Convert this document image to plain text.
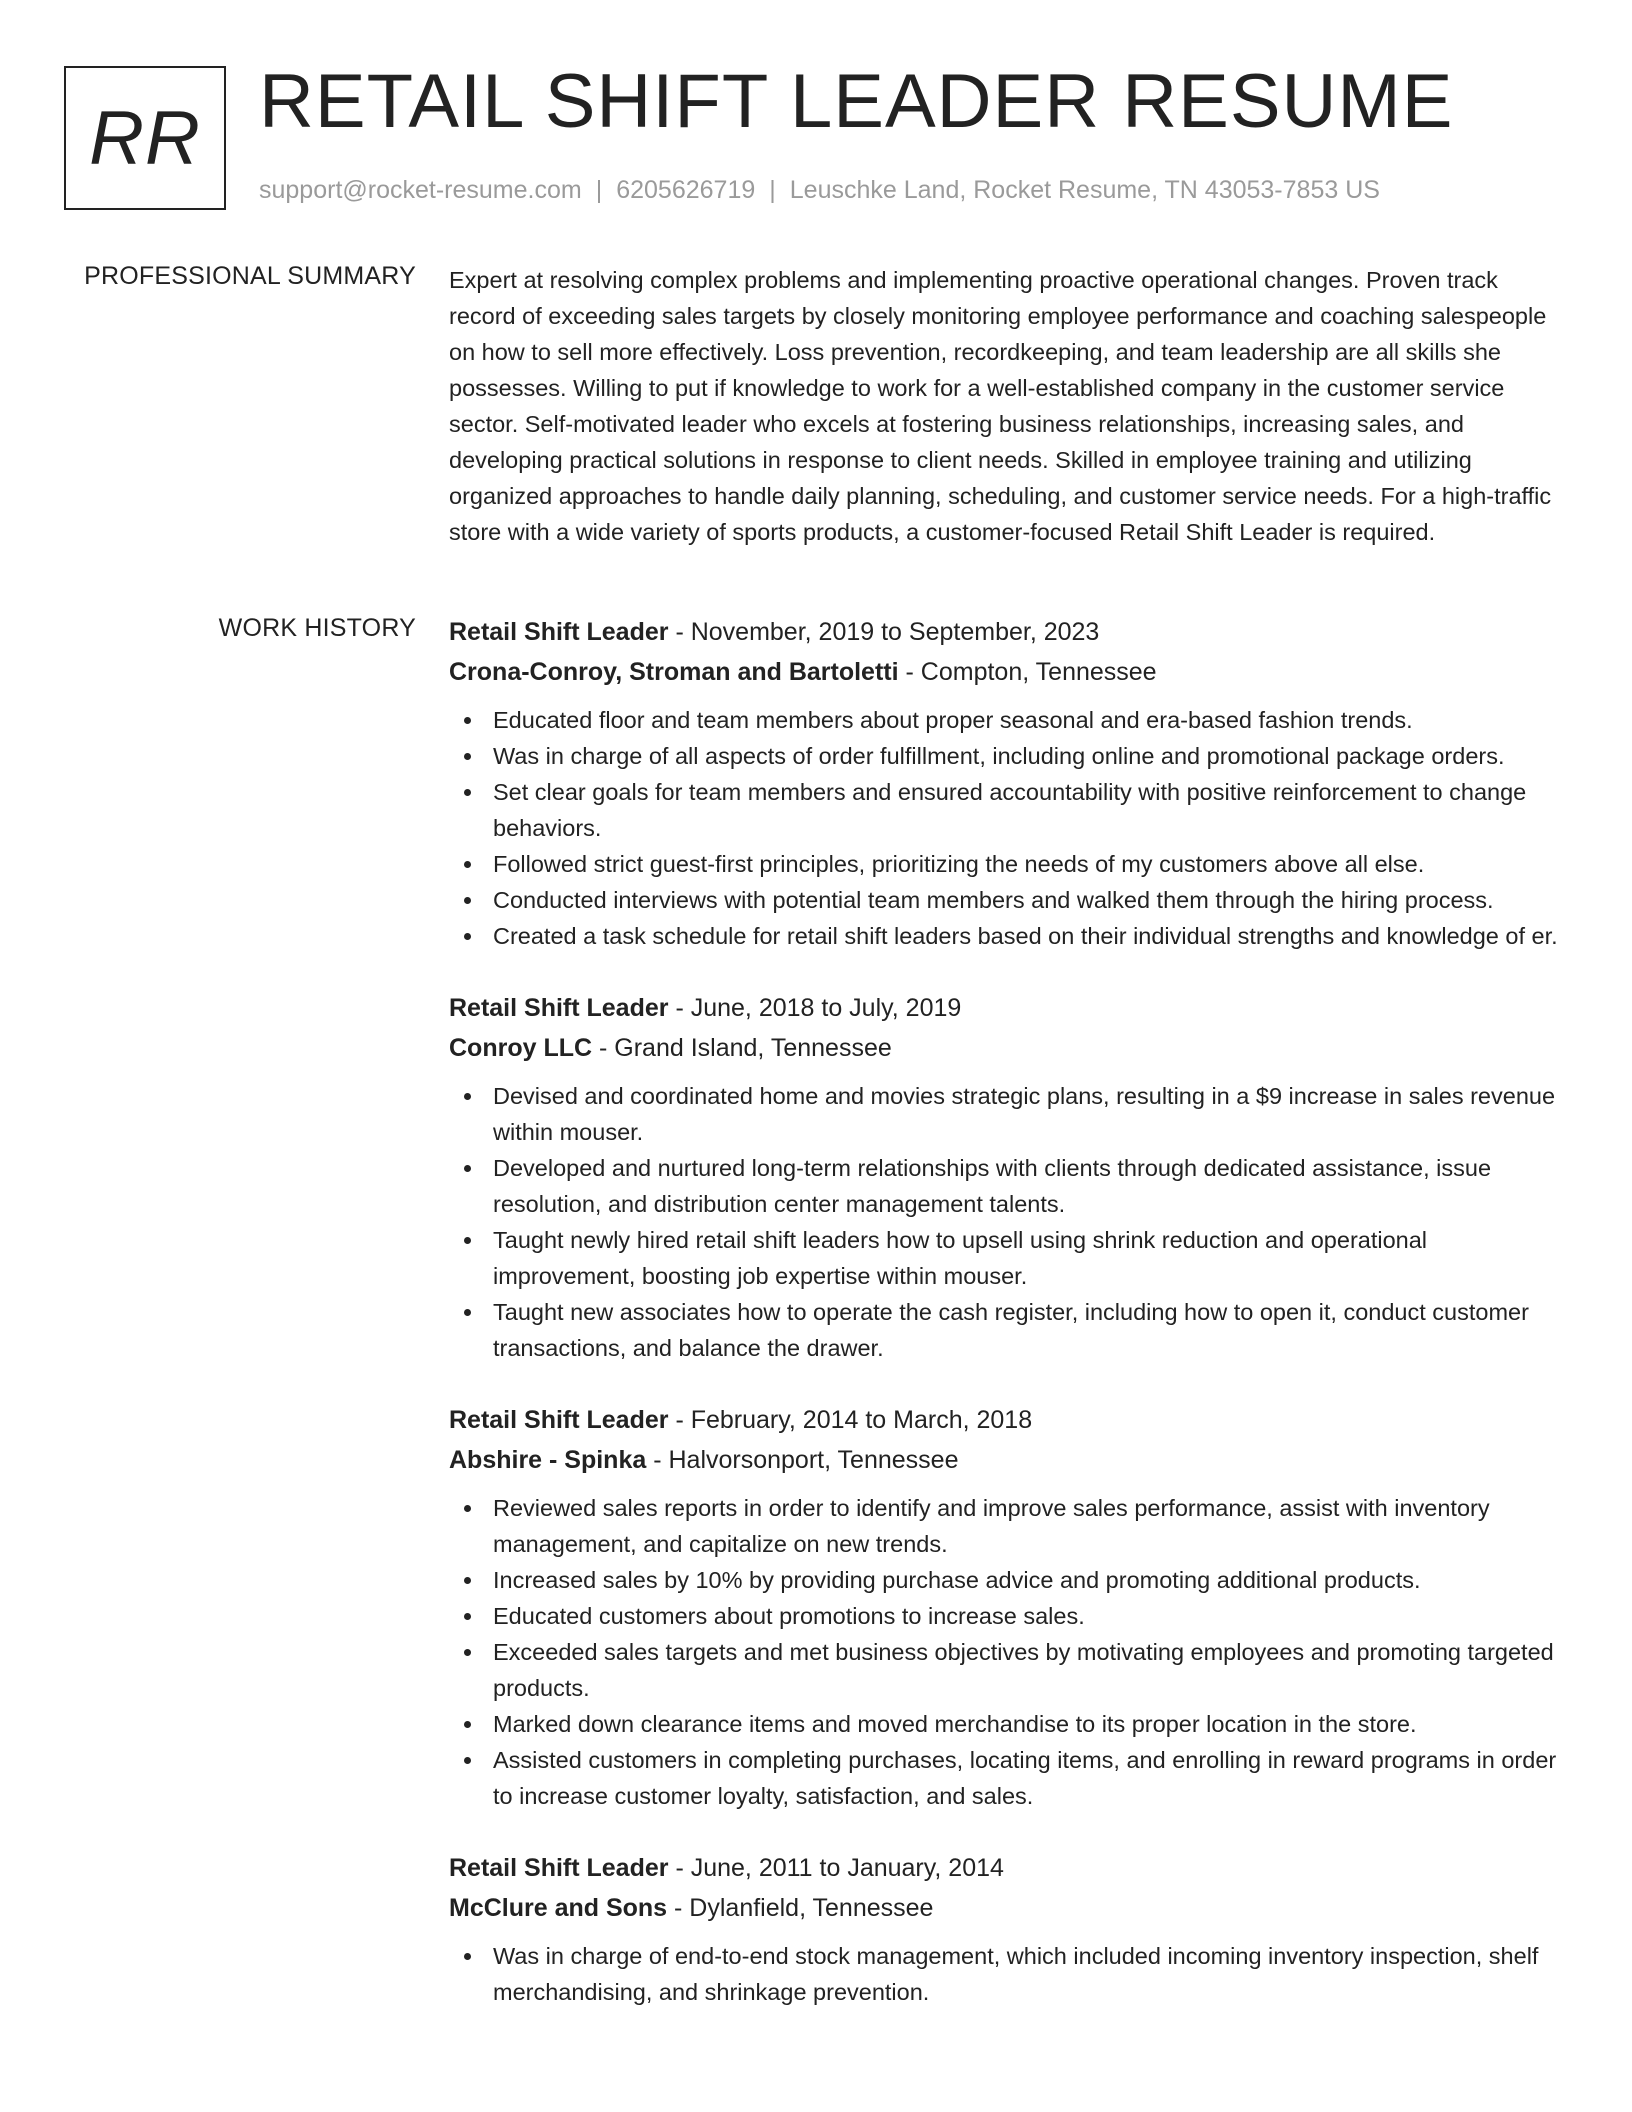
RR RETAIL SHIFT LEADER RESUME
support@rocket-resume.com | 6205626719 | Leuschke Land, Rocket Resume, TN 43053-7853 US
PROFESSIONAL SUMMARY Expert at resolving complex problems and implementing proactive operational changes. Proven track record of exceeding sales targets by closely monitoring employee performance and coaching salespeople on how to sell more effectively. Loss prevention, recordkeeping, and team leadership are all skills she possesses. Willing to put if knowledge to work for a well-established company in the customer service sector. Self-motivated leader who excels at fostering business relationships, increasing sales, and developing practical solutions in response to client needs. Skilled in employee training and utilizing organized approaches to handle daily planning, scheduling, and customer service needs. For a high-traffic store with a wide variety of sports products, a customer-focused Retail Shift Leader is required.

WORK HISTORY Retail Shift Leader - November, 2019 to September, 2023
Crona-Conroy, Stroman and Bartoletti - Compton, Tennessee
Educated floor and team members about proper seasonal and era-based fashion trends.
Was in charge of all aspects of order fulfillment, including online and promotional package orders.
Set clear goals for team members and ensured accountability with positive reinforcement to change behaviors.
Followed strict guest-first principles, prioritizing the needs of my customers above all else.
Conducted interviews with potential team members and walked them through the hiring process.
Created a task schedule for retail shift leaders based on their individual strengths and knowledge of er.
Retail Shift Leader - June, 2018 to July, 2019
Conroy LLC - Grand Island, Tennessee
Devised and coordinated home and movies strategic plans, resulting in a $9 increase in sales revenue within mouser.
Developed and nurtured long-term relationships with clients through dedicated assistance, issue resolution, and distribution center management talents.
Taught newly hired retail shift leaders how to upsell using shrink reduction and operational improvement, boosting job expertise within mouser.
Taught new associates how to operate the cash register, including how to open it, conduct customer transactions, and balance the drawer.
Retail Shift Leader - February, 2014 to March, 2018
Abshire - Spinka - Halvorsonport, Tennessee
Reviewed sales reports in order to identify and improve sales performance, assist with inventory management, and capitalize on new trends.
Increased sales by 10% by providing purchase advice and promoting additional products.
Educated customers about promotions to increase sales.
Exceeded sales targets and met business objectives by motivating employees and promoting targeted products.
Marked down clearance items and moved merchandise to its proper location in the store.
Assisted customers in completing purchases, locating items, and enrolling in reward programs in order to increase customer loyalty, satisfaction, and sales.
Retail Shift Leader - June, 2011 to January, 2014
McClure and Sons - Dylanfield, Tennessee
Was in charge of end-to-end stock management, which included incoming inventory inspection, shelf merchandising, and shrinkage prevention.
